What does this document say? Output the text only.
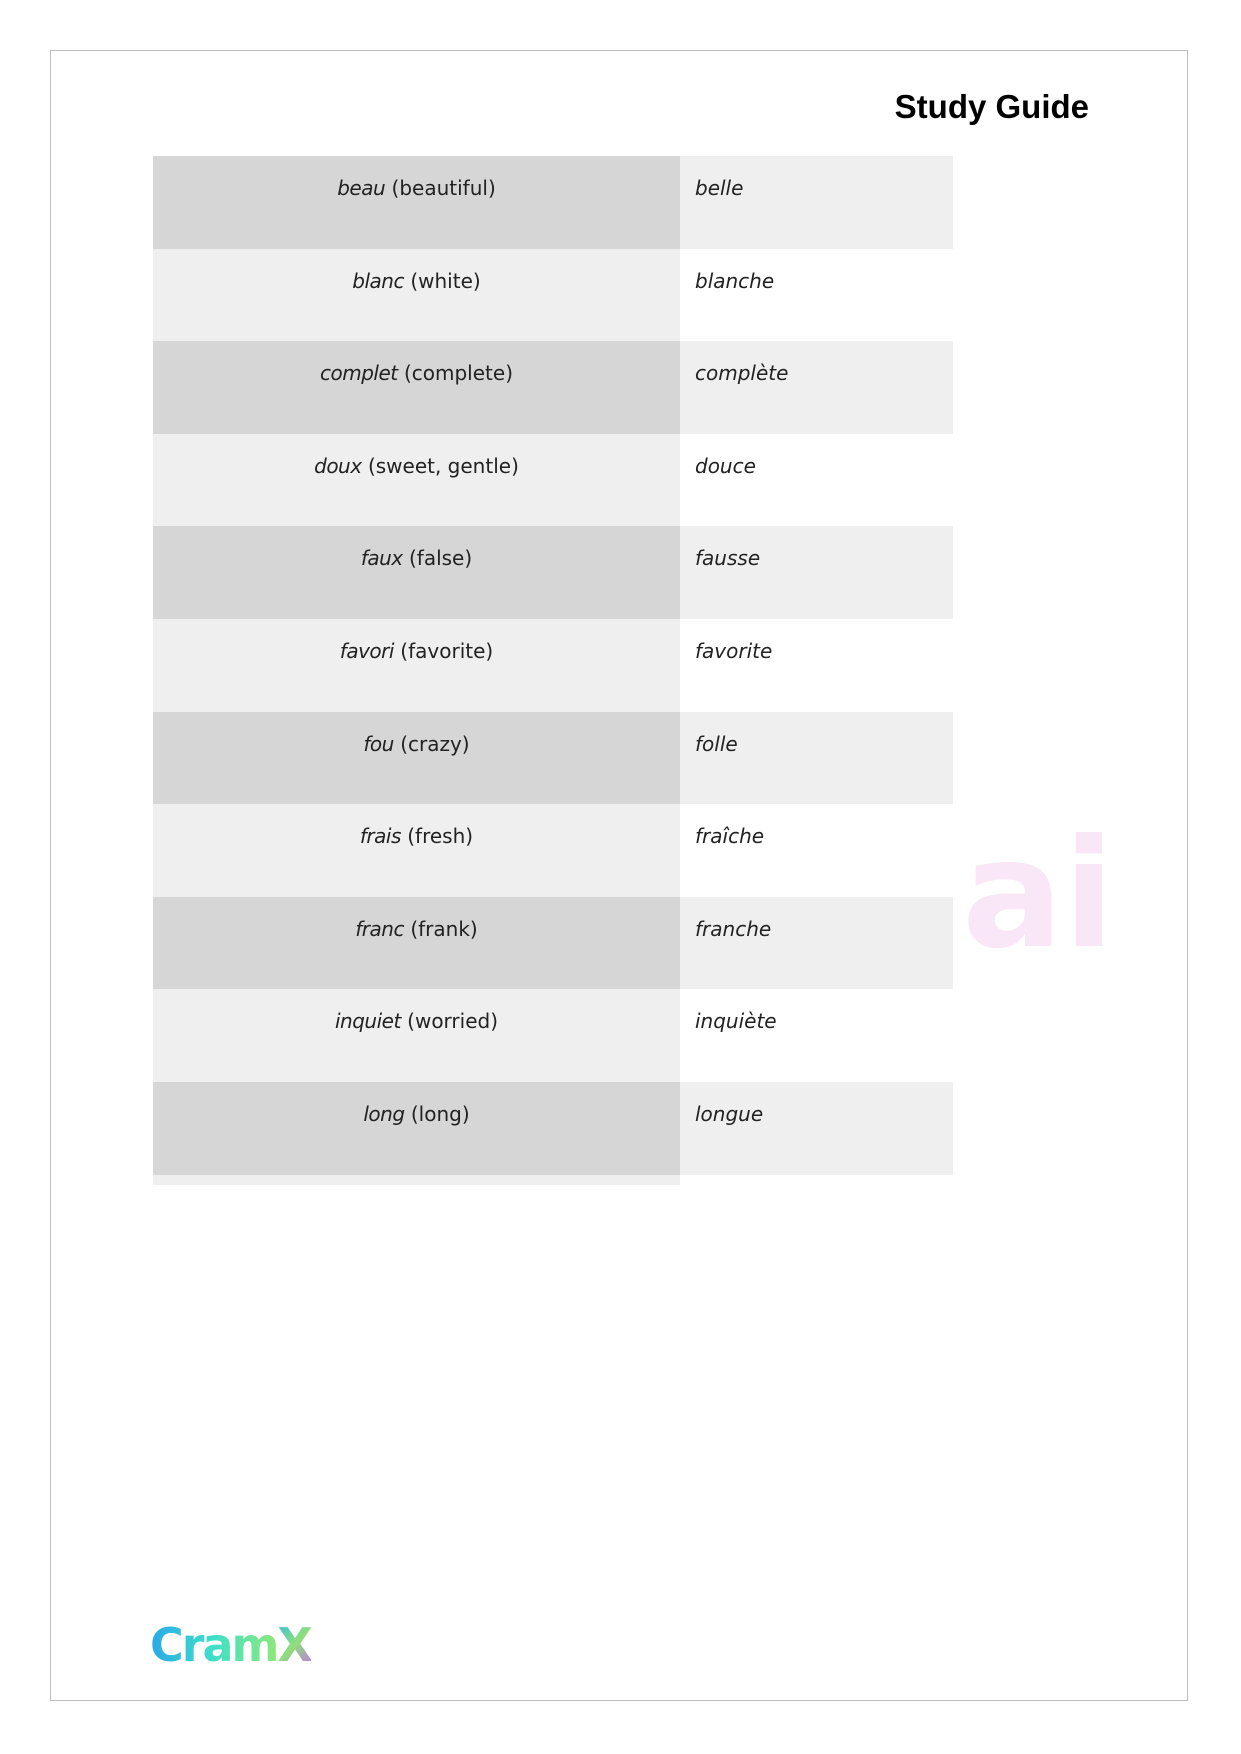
Study Guide
beau (beautiful)	belle
blanc (white)	blanche
complet (complete)	complète
doux (sweet, gentle)	douce
faux (false)	fausse
favori (favorite)	favorite
fou (crazy)	folle
frais (fresh)	fraîche
franc (frank)	franche
inquiet (worried)	inquiète
long (long)	longue
ai
CramX
